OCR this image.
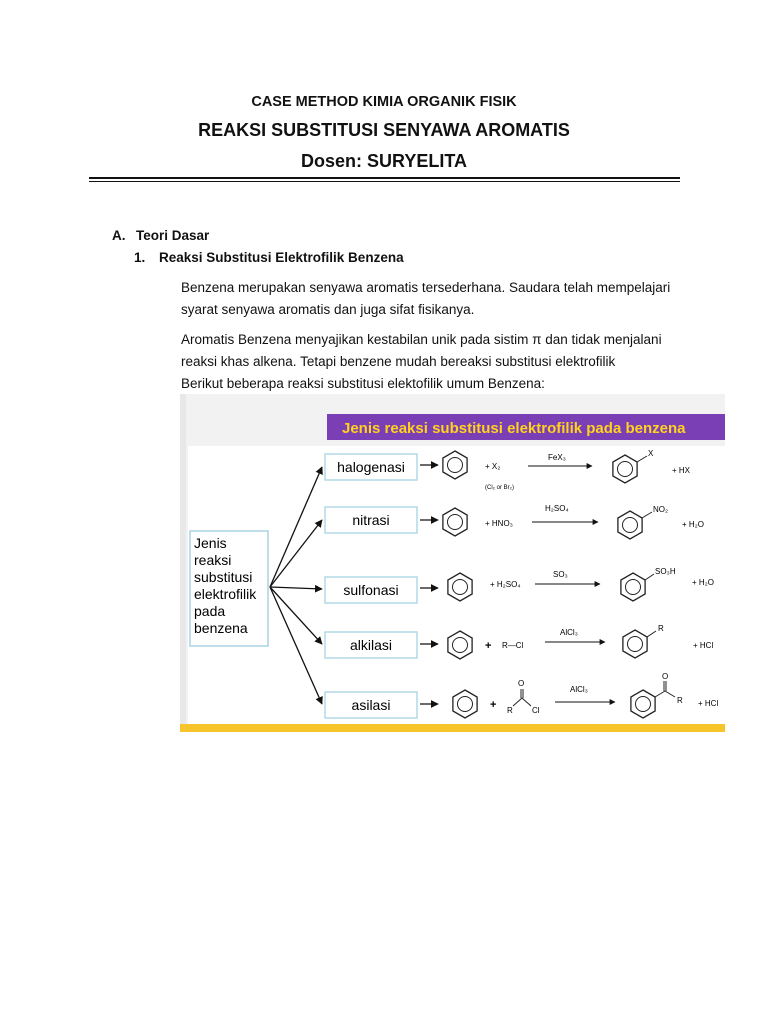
CASE METHOD KIMIA ORGANIK FISIK
REAKSI SUBSTITUSI SENYAWA AROMATIS
Dosen: SURYELITA
A. Teori Dasar
1. Reaksi Substitusi Elektrofilik Benzena
Benzena merupakan senyawa aromatis tersederhana. Saudara telah mempelajari
syarat senyawa aromatis dan juga sifat fisikanya.
Aromatis Benzena menyajikan kestabilan unik pada sistim π dan tidak menjalani
reaksi khas alkena. Tetapi benzene mudah bereaksi substitusi elektrofilik
Berikut beberapa reaksi substitusi elektofilik umum Benzena:
Jenis reaksi substitusi elektrofilik pada benzena
Jenis
reaksi
substitusi
elektrofilik
pada
benzena
halogenasi
nitrasi
sulfonasi
alkilasi
asilasi
+ X₂
(Cl₂ or Br₂)
FeX₃	X
+ HX
+ HNO₃
H₂SO₄	NO₂
+ H₂O
+ H₂SO₄
SO₃	SO₃H
+ H₂O
+ R—Cl
AlCl₃	R
+ HCl
+
O
R Cl
AlCl₃
O
R + HCl
